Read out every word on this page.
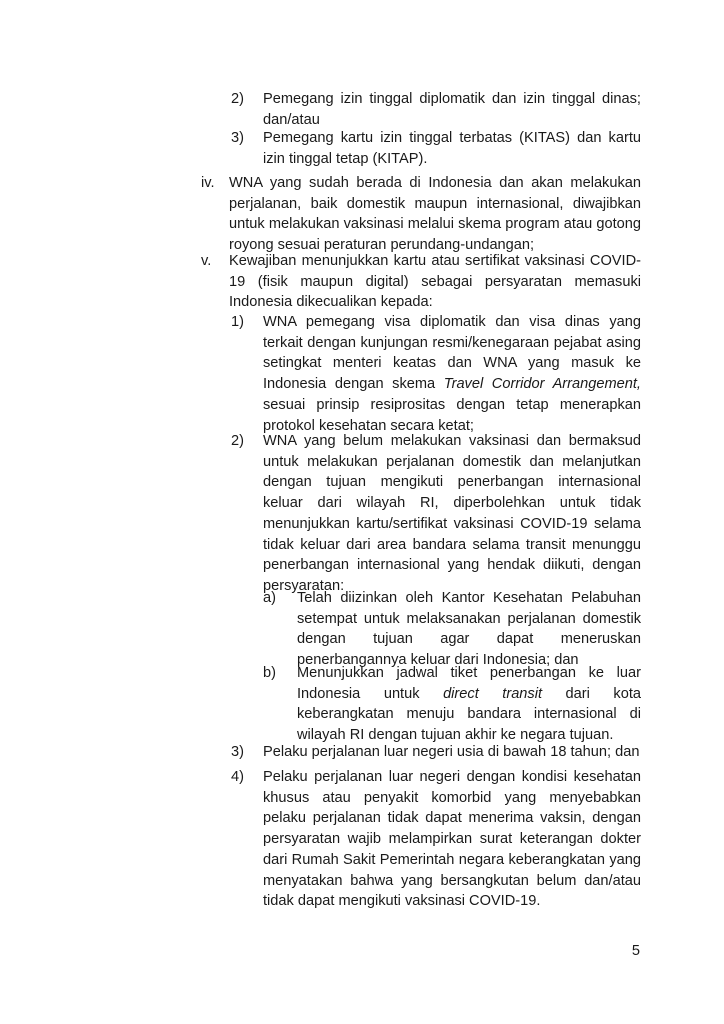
2)	Pemegang izin tinggal diplomatik dan izin tinggal dinas; dan/atau
3)	Pemegang kartu izin tinggal terbatas (KITAS) dan kartu izin tinggal tetap (KITAP).
iv. WNA yang sudah berada di Indonesia dan akan melakukan perjalanan, baik domestik maupun internasional, diwajibkan untuk melakukan vaksinasi melalui skema program atau gotong royong sesuai peraturan perundang-undangan;
v.	Kewajiban menunjukkan kartu atau sertifikat vaksinasi COVID-19 (fisik maupun digital) sebagai persyaratan memasuki Indonesia dikecualikan kepada:
1)	WNA pemegang visa diplomatik dan visa dinas yang terkait dengan kunjungan resmi/kenegaraan pejabat asing setingkat menteri keatas dan WNA yang masuk ke Indonesia dengan skema Travel Corridor Arrangement, sesuai prinsip resiprositas dengan tetap menerapkan protokol kesehatan secara ketat;
2)	WNA yang belum melakukan vaksinasi dan bermaksud untuk melakukan perjalanan domestik dan melanjutkan dengan tujuan mengikuti penerbangan internasional keluar dari wilayah RI, diperbolehkan untuk tidak menunjukkan kartu/sertifikat vaksinasi COVID-19 selama tidak keluar dari area bandara selama transit menunggu penerbangan internasional yang hendak diikuti, dengan persyaratan:
a)	Telah diizinkan oleh Kantor Kesehatan Pelabuhan setempat untuk melaksanakan perjalanan domestik dengan tujuan agar dapat meneruskan penerbangannya keluar dari Indonesia; dan
b)	Menunjukkan jadwal tiket penerbangan ke luar Indonesia untuk direct transit dari kota keberangkatan menuju bandara internasional di wilayah RI dengan tujuan akhir ke negara tujuan.
3)	Pelaku perjalanan luar negeri usia di bawah 18 tahun; dan
4)	Pelaku perjalanan luar negeri dengan kondisi kesehatan khusus atau penyakit komorbid yang menyebabkan pelaku perjalanan tidak dapat menerima vaksin, dengan persyaratan wajib melampirkan surat keterangan dokter dari Rumah Sakit Pemerintah negara keberangkatan yang menyatakan bahwa yang bersangkutan belum dan/atau tidak dapat mengikuti vaksinasi COVID-19.
5
